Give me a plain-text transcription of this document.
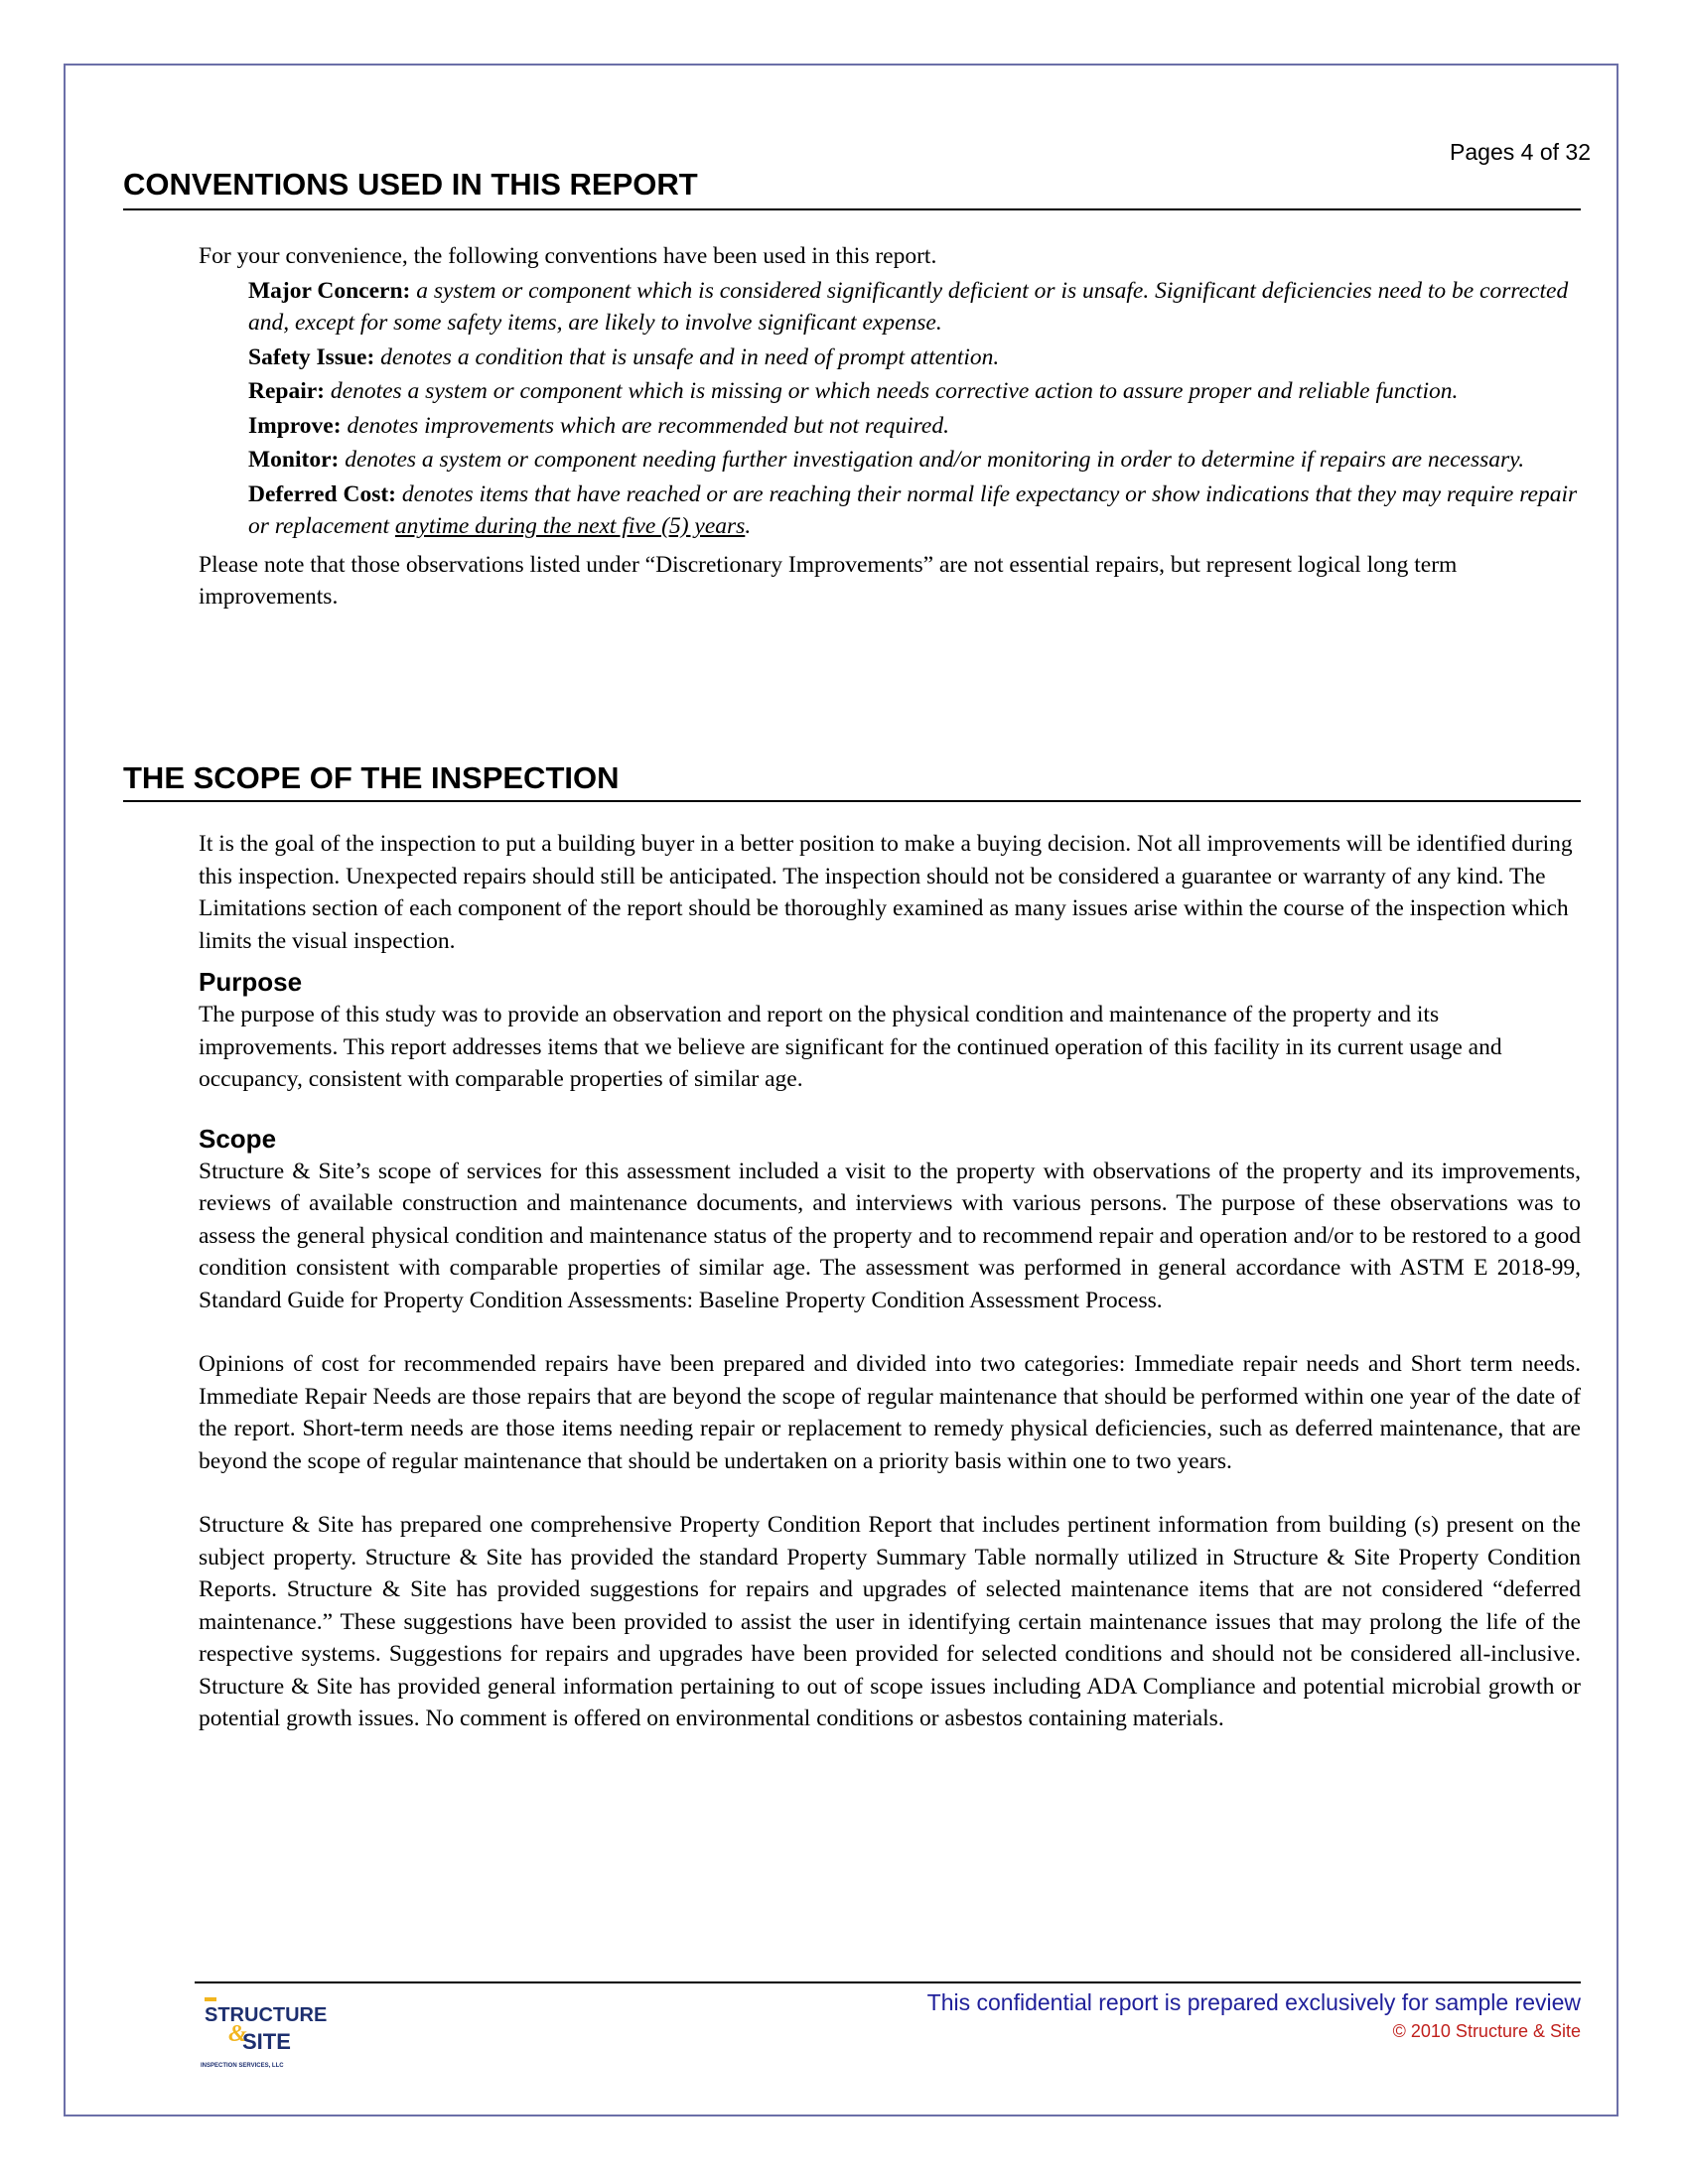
Pages 4 of 32
CONVENTIONS USED IN THIS REPORT

For your convenience, the following conventions have been used in this report.

Major Concern: a system or component which is considered significantly deficient or is unsafe. Significant deficiencies need to be corrected and, except for some safety items, are likely to involve significant expense.

Safety Issue: denotes a condition that is unsafe and in need of prompt attention.

Repair: denotes a system or component which is missing or which needs corrective action to assure proper and reliable function.

Improve: denotes improvements which are recommended but not required.

Monitor: denotes a system or component needing further investigation and/or monitoring in order to determine if repairs are necessary.

Deferred Cost: denotes items that have reached or are reaching their normal life expectancy or show indications that they may require repair or replacement anytime during the next five (5) years.

Please note that those observations listed under “Discretionary Improvements” are not essential repairs, but represent logical long term improvements.

THE SCOPE OF THE INSPECTION

It is the goal of the inspection to put a building buyer in a better position to make a buying decision. Not all improvements will be identified during this inspection. Unexpected repairs should still be anticipated. The inspection should not be considered a guarantee or warranty of any kind. The Limitations section of each component of the report should be thoroughly examined as many issues arise within the course of the inspection which limits the visual inspection.

Purpose

The purpose of this study was to provide an observation and report on the physical condition and maintenance of the property and its improvements. This report addresses items that we believe are significant for the continued operation of this facility in its current usage and occupancy, consistent with comparable properties of similar age.

Scope

Structure & Site’s scope of services for this assessment included a visit to the property with observations of the property and its improvements, reviews of available construction and maintenance documents, and interviews with various persons. The purpose of these observations was to assess the general physical condition and maintenance status of the property and to recommend repair and operation and/or to be restored to a good condition consistent with comparable properties of similar age. The assessment was performed in general accordance with ASTM E 2018-99, Standard Guide for Property Condition Assessments: Baseline Property Condition Assessment Process.

Opinions of cost for recommended repairs have been prepared and divided into two categories: Immediate repair needs and Short term needs. Immediate Repair Needs are those repairs that are beyond the scope of regular maintenance that should be performed within one year of the date of the report. Short-term needs are those items needing repair or replacement to remedy physical deficiencies, such as deferred maintenance, that are beyond the scope of regular maintenance that should be undertaken on a priority basis within one to two years.

Structure & Site has prepared one comprehensive Property Condition Report that includes pertinent information from building (s) present on the subject property. Structure & Site has provided the standard Property Summary Table normally utilized in Structure & Site Property Condition Reports. Structure & Site has provided suggestions for repairs and upgrades of selected maintenance items that are not considered “deferred maintenance.” These suggestions have been provided to assist the user in identifying certain maintenance issues that may prolong the life of the respective systems. Suggestions for repairs and upgrades have been provided for selected conditions and should not be considered all-inclusive. Structure & Site has provided general information pertaining to out of scope issues including ADA Compliance and potential microbial growth or potential growth issues. No comment is offered on environmental conditions or asbestos containing materials.

STRUCTURE
&
SITE
INSPECTION SERVICES, LLC
This confidential report is prepared exclusively for sample review
© 2010 Structure & Site
